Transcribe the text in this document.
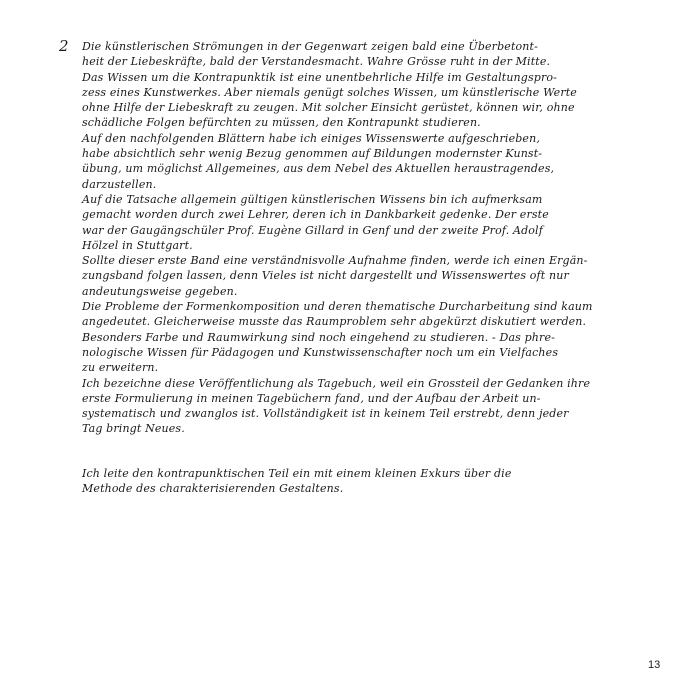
2 Die künstlerischen Strömungen in der Gegenwart zeigen bald eine Überbetont-
heit der Liebeskräfte, bald der Verstandesmacht. Wahre Grösse ruht in der Mitte.
Das Wissen um die Kontrapunktik ist eine unentbehrliche Hilfe im Gestaltungspro-
zess eines Kunstwerkes. Aber niemals genügt solches Wissen, um künstlerische Werte
ohne Hilfe der Liebeskraft zu zeugen. Mit solcher Einsicht gerüstet, können wir, ohne
schädliche Folgen befürchten zu müssen, den Kontrapunkt studieren.
Auf den nachfolgenden Blättern habe ich einiges Wissenswerte aufgeschrieben,
habe absichtlich sehr wenig Bezug genommen auf Bildungen modernster Kunst-
übung, um möglichst Allgemeines, aus dem Nebel des Aktuellen heraustragendes,
darzustellen.
Auf die Tatsache allgemein gültigen künstlerischen Wissens bin ich aufmerksam
gemacht worden durch zwei Lehrer, deren ich in Dankbarkeit gedenke. Der erste
war der Gaugängschüler Prof. Eugène Gillard in Genf und der zweite Prof. Adolf
Hölzel in Stuttgart.
Sollte dieser erste Band eine verständnisvolle Aufnahme finden, werde ich einen Ergän-
zungsband folgen lassen, denn Vieles ist nicht dargestellt und Wissenswertes oft nur
andeutungsweise gegeben.
Die Probleme der Formenkomposition und deren thematische Durcharbeitung sind kaum
angedeutet. Gleicherweise musste das Raumproblem sehr abgekürzt diskutiert werden.
Besonders Farbe und Raumwirkung sind noch eingehend zu studieren. - Das phre-
nologische Wissen für Pädagogen und Kunstwissenschafter noch um ein Vielfaches
zu erweitern.
Ich bezeichne diese Veröffentlichung als Tagebuch, weil ein Grossteil der Gedanken ihre
erste Formulierung in meinen Tagebüchern fand, und der Aufbau der Arbeit un-
systematisch und zwanglos ist. Vollständigkeit ist in keinem Teil erstrebt, denn jeder
Tag bringt Neues.
Ich leite den kontrapunktischen Teil ein mit einem kleinen Exkurs über die
Methode des charakterisierenden Gestaltens.
13
